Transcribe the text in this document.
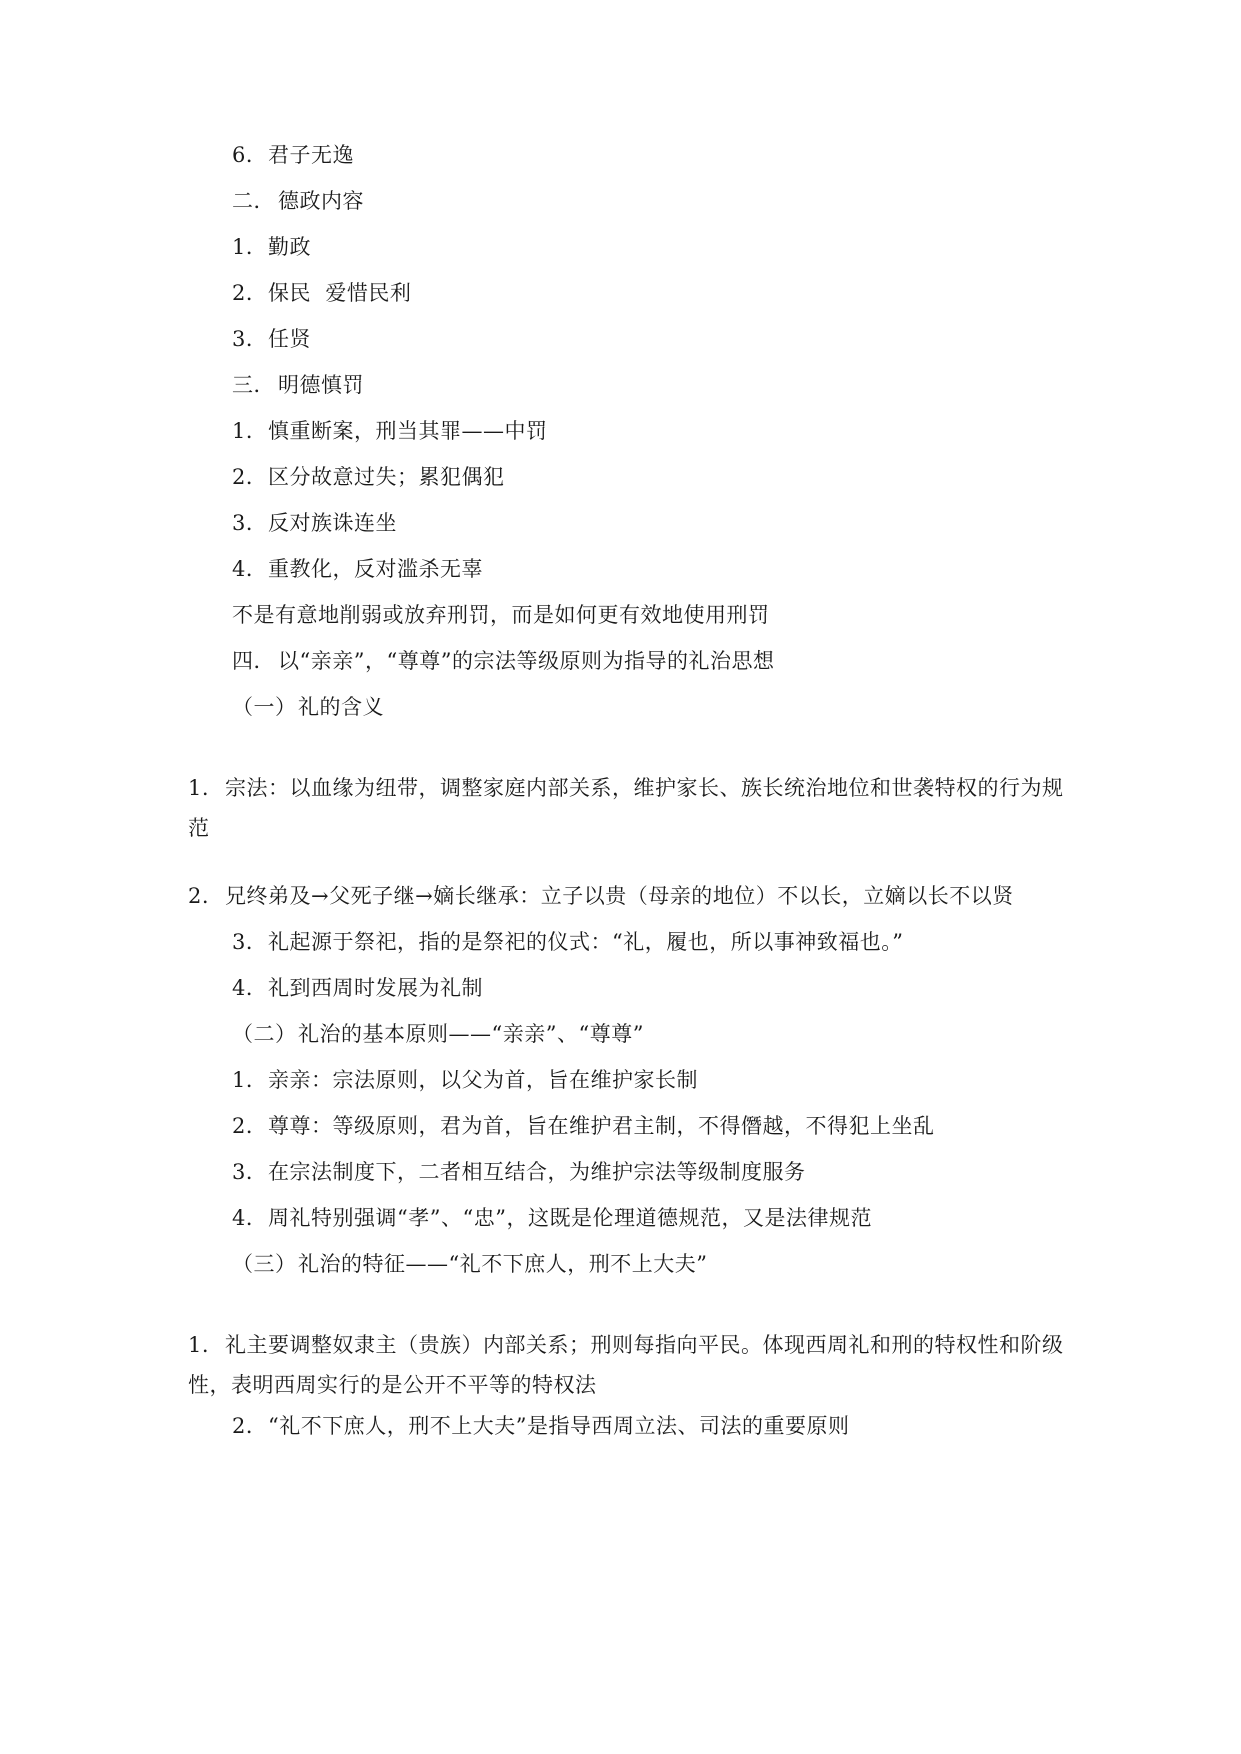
6．君子无逸
二． 德政内容
1．勤政
2．保民  爱惜民利
3．任贤
三． 明德慎罚
1．慎重断案，刑当其罪——中罚
2．区分故意过失；累犯偶犯
3．反对族诛连坐
4．重教化，反对滥杀无辜
不是有意地削弱或放弃刑罚，而是如何更有效地使用刑罚
四． 以“亲亲”，“尊尊”的宗法等级原则为指导的礼治思想
（一）礼的含义
1. 宗法：以血缘为纽带，调整家庭内部关系，维护家长、族长统治地位和世袭特权的行为规范
2. 兄终弟及→父死子继→嫡长继承：立子以贵（母亲的地位）不以长，立嫡以长不以贤
3．礼起源于祭祀，指的是祭祀的仪式：“礼，履也，所以事神致福也。”
4．礼到西周时发展为礼制
（二）礼治的基本原则——“亲亲”、“尊尊”
1．亲亲：宗法原则，以父为首，旨在维护家长制
2．尊尊：等级原则，君为首，旨在维护君主制，不得僭越，不得犯上坐乱
3．在宗法制度下，二者相互结合，为维护宗法等级制度服务
4．周礼特别强调“孝”、“忠”，这既是伦理道德规范，又是法律规范
（三）礼治的特征——“礼不下庶人，刑不上大夫”
1. 礼主要调整奴隶主（贵族）内部关系；刑则每指向平民。体现西周礼和刑的特权性和阶级性，表明西周实行的是公开不平等的特权法
2．“礼不下庶人，刑不上大夫”是指导西周立法、司法的重要原则
